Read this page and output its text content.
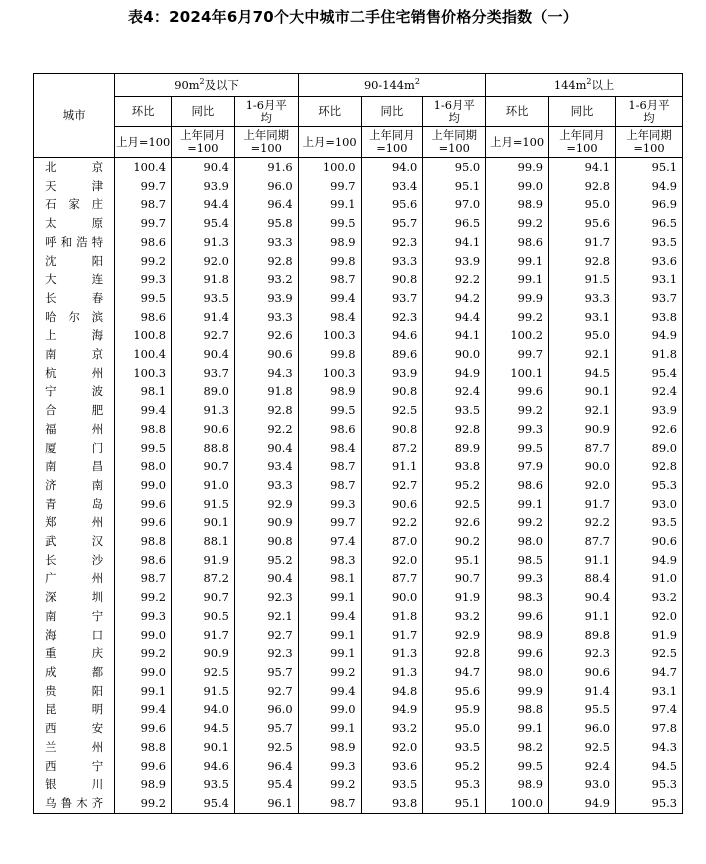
表4：2024年6月70个大中城市二手住宅销售价格分类指数（一）
城市	$90m^2$及以下			$90-144m^2$			$144m^2$以上		
	环比	同比	1-6月平均	环比	同比	1-6月平均	环比	同比	1-6月平均
	上月=100	上年同月=100	上年同期=100	上月=100	上年同月=100	上年同期=100	上月=100	上年同月=100	上年同期=100

北京	100.4	90.4	91.6	100.0	94.0	95.0	99.9	94.1	95.1

天津	99.7	93.9	96.0	99.7	93.4	95.1	99.0	92.8	94.9

石家庄	98.7	94.4	96.4	99.1	95.6	97.0	98.9	95.0	96.9

太原	99.7	95.4	95.8	99.5	95.7	96.5	99.2	95.6	96.5

呼和浩特	98.6	91.3	93.3	98.9	92.3	94.1	98.6	91.7	93.5

沈阳	99.2	92.0	92.8	99.8	93.3	93.9	99.1	92.8	93.6

大连	99.3	91.8	93.2	98.7	90.8	92.2	99.1	91.5	93.1

长春	99.5	93.5	93.9	99.4	93.7	94.2	99.9	93.3	93.7

哈尔滨	98.6	91.4	93.3	98.4	92.3	94.4	99.2	93.1	93.8

上海	100.8	92.7	92.6	100.3	94.6	94.1	100.2	95.0	94.9

南京	100.4	90.4	90.6	99.8	89.6	90.0	99.7	92.1	91.8

杭州	100.3	93.7	94.3	100.3	93.9	94.9	100.1	94.5	95.4

宁波	98.1	89.0	91.8	98.9	90.8	92.4	99.6	90.1	92.4

合肥	99.4	91.3	92.8	99.5	92.5	93.5	99.2	92.1	93.9

福州	98.8	90.6	92.2	98.6	90.8	92.8	99.3	90.9	92.6

厦门	99.5	88.8	90.4	98.4	87.2	89.9	99.5	87.7	89.0

南昌	98.0	90.7	93.4	98.7	91.1	93.8	97.9	90.0	92.8

济南	99.0	91.0	93.3	98.7	92.7	95.2	98.6	92.0	95.3

青岛	99.6	91.5	92.9	99.3	90.6	92.5	99.1	91.7	93.0

郑州	99.6	90.1	90.9	99.7	92.2	92.6	99.2	92.2	93.5

武汉	98.8	88.1	90.8	97.4	87.0	90.2	98.0	87.7	90.6

长沙	98.6	91.9	95.2	98.3	92.0	95.1	98.5	91.1	94.9

广州	98.7	87.2	90.4	98.1	87.7	90.7	99.3	88.4	91.0

深圳	99.2	90.7	92.3	99.1	90.0	91.9	98.3	90.4	93.2

南宁	99.3	90.5	92.1	99.4	91.8	93.2	99.6	91.1	92.0

海口	99.0	91.7	92.7	99.1	91.7	92.9	98.9	89.8	91.9

重庆	99.2	90.9	92.3	99.1	91.3	92.8	99.6	92.3	92.5

成都	99.0	92.5	95.7	99.2	91.3	94.7	98.0	90.6	94.7

贵阳	99.1	91.5	92.7	99.4	94.8	95.6	99.9	91.4	93.1

昆明	99.4	94.0	96.0	99.0	94.9	95.9	98.8	95.5	97.4

西安	99.6	94.5	95.7	99.1	93.2	95.0	99.1	96.0	97.8

兰州	98.8	90.1	92.5	98.9	92.0	93.5	98.2	92.5	94.3

西宁	99.6	94.6	96.4	99.3	93.6	95.2	99.5	92.4	94.5

银川	98.9	93.5	95.4	99.2	93.5	95.3	98.9	93.0	95.3

乌鲁木齐	99.2	95.4	96.1	98.7	93.8	95.1	100.0	94.9	95.3
